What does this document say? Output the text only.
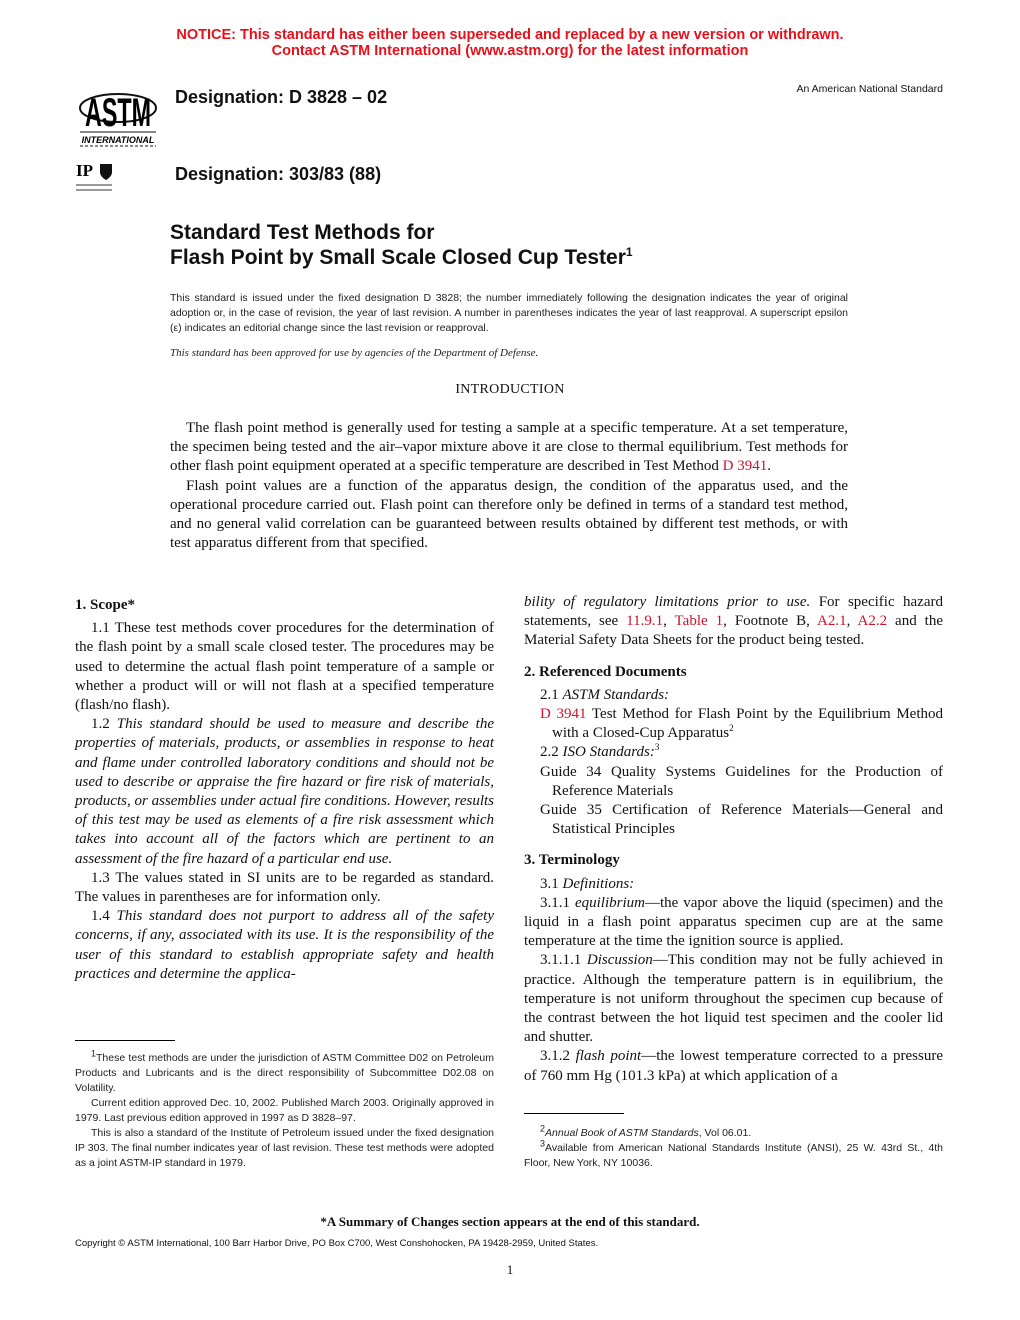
NOTICE: This standard has either been superseded and replaced by a new version or withdrawn.
Contact ASTM International (www.astm.org) for the latest information
ASTM
INTERNATIONAL
IP
Designation: D 3828 – 02
Designation: 303/83 (88)
An American National Standard
Standard Test Methods for
Flash Point by Small Scale Closed Cup Tester$^1$
This standard is issued under the fixed designation D 3828; the number immediately following the designation indicates the year of original adoption or, in the case of revision, the year of last revision. A number in parentheses indicates the year of last reapproval. A superscript epsilon (ε) indicates an editorial change since the last revision or reapproval.
This standard has been approved for use by agencies of the Department of Defense.
INTRODUCTION

The flash point method is generally used for testing a sample at a specific temperature. At a set temperature, the specimen being tested and the air–vapor mixture above it are close to thermal equilibrium. Test methods for other flash point equipment operated at a specific temperature are described in Test Method D 3941.

Flash point values are a function of the apparatus design, the condition of the apparatus used, and the operational procedure carried out. Flash point can therefore only be defined in terms of a standard test method, and no general valid correlation can be guaranteed between results obtained by different test methods, or with test apparatus different from that specified.

1. Scope*

1.1 These test methods cover procedures for the determination of the flash point by a small scale closed tester. The procedures may be used to determine the actual flash point temperature of a sample or whether a product will or will not flash at a specified temperature (flash/no flash).

1.2 This standard should be used to measure and describe the properties of materials, products, or assemblies in response to heat and flame under controlled laboratory conditions and should not be used to describe or appraise the fire hazard or fire risk of materials, products, or assemblies under actual fire conditions. However, results of this test may be used as elements of a fire risk assessment which takes into account all of the factors which are pertinent to an assessment of the fire hazard of a particular end use.

1.3 The values stated in SI units are to be regarded as standard. The values in parentheses are for information only.

1.4 This standard does not purport to address all of the safety concerns, if any, associated with its use. It is the responsibility of the user of this standard to establish appropriate safety and health practices and determine the applica-

bility of regulatory limitations prior to use. For specific hazard statements, see 11.9.1, Table 1, Footnote B, A2.1, A2.2 and the Material Safety Data Sheets for the product being tested.

2. Referenced Documents

2.1 ASTM Standards:

D 3941 Test Method for Flash Point by the Equilibrium Method with a Closed-Cup Apparatus$^2$

2.2 ISO Standards:$^3$

Guide 34 Quality Systems Guidelines for the Production of Reference Materials

Guide 35 Certification of Reference Materials—General and Statistical Principles

3. Terminology

3.1 Definitions:

3.1.1 equilibrium—the vapor above the liquid (specimen) and the liquid in a flash point apparatus specimen cup are at the same temperature at the time the ignition source is applied.

3.1.1.1 Discussion—This condition may not be fully achieved in practice. Although the temperature pattern is in equilibrium, the temperature is not uniform throughout the specimen cup because of the contrast between the hot liquid test specimen and the cooler lid and shutter.

3.1.2 flash point—the lowest temperature corrected to a pressure of 760 mm Hg (101.3 kPa) at which application of a

$^1$These test methods are under the jurisdiction of ASTM Committee D02 on Petroleum Products and Lubricants and is the direct responsibility of Subcommittee D02.08 on Volatility.

Current edition approved Dec. 10, 2002. Published March 2003. Originally approved in 1979. Last previous edition approved in 1997 as D 3828–97.

This is also a standard of the Institute of Petroleum issued under the fixed designation IP 303. The final number indicates year of last revision. These test methods were adopted as a joint ASTM-IP standard in 1979.

$^2$Annual Book of ASTM Standards, Vol 06.01.

$^3$Available from American National Standards Institute (ANSI), 25 W. 43rd St., 4th Floor, New York, NY 10036.

*A Summary of Changes section appears at the end of this standard.
Copyright © ASTM International, 100 Barr Harbor Drive, PO Box C700, West Conshohocken, PA 19428-2959, United States.
1
